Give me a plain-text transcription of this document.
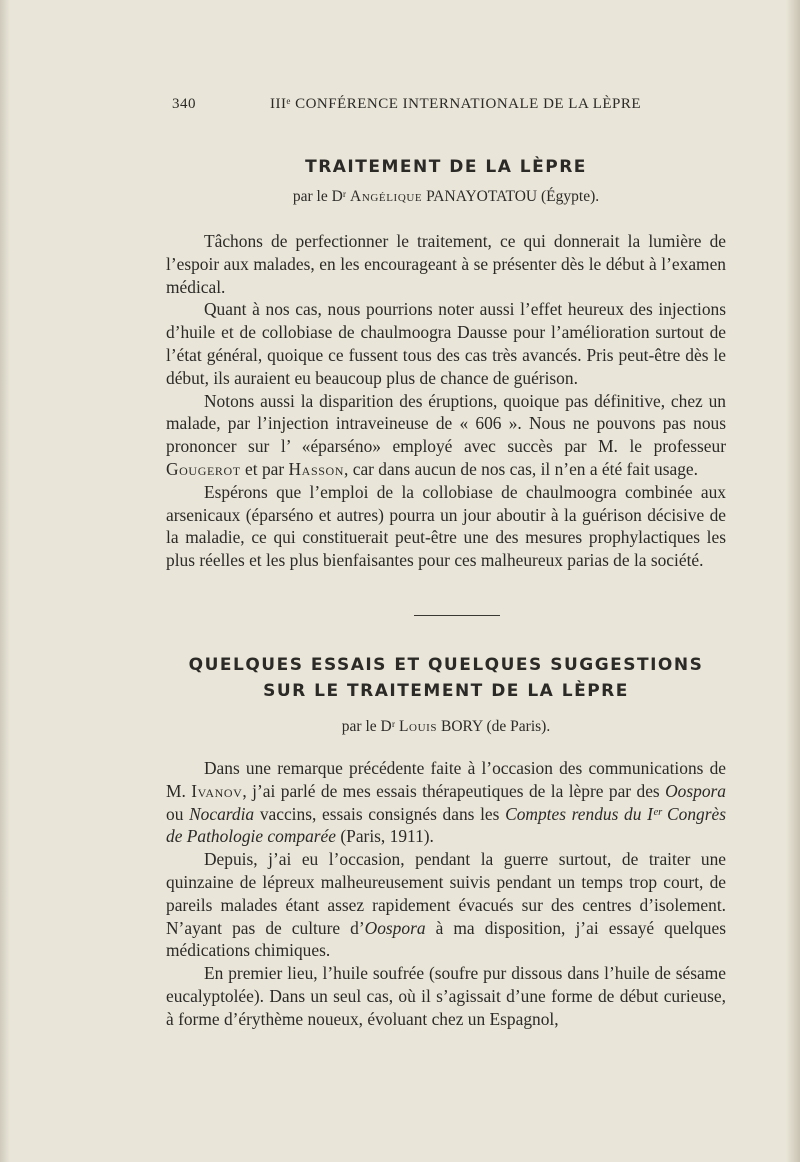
340	IIIᵉ CONFÉRENCE INTERNATIONALE DE LA LÈPRE
TRAITEMENT DE LA LÈPRE

par le Dʳ Angélique PANAYOTATOU (Égypte).

Tâchons de perfectionner le traitement, ce qui donnerait la lumière de l’espoir aux malades, en les encourageant à se présenter dès le début à l’examen médical.

Quant à nos cas, nous pourrions noter aussi l’effet heureux des injections d’huile et de collobiase de chaulmoogra Dausse pour l’amélioration surtout de l’état général, quoique ce fussent tous des cas très avancés. Pris peut-être dès le début, ils auraient eu beaucoup plus de chance de guérison.

Notons aussi la disparition des éruptions, quoique pas définitive, chez un malade, par l’injection intraveineuse de « 606 ». Nous ne pouvons pas nous prononcer sur l’ «éparséno» employé avec succès par M. le professeur Gougerot et par Hasson, car dans aucun de nos cas, il n’en a été fait usage.

Espérons que l’emploi de la collobiase de chaulmoogra combinée aux arsenicaux (éparséno et autres) pourra un jour aboutir à la guérison décisive de la maladie, ce qui constituerait peut-être une des mesures prophylactiques les plus réelles et les plus bienfaisantes pour ces malheureux parias de la société.

QUELQUES ESSAIS ET QUELQUES SUGGESTIONS
SUR LE TRAITEMENT DE LA LÈPRE

par le Dʳ Louis BORY (de Paris).

Dans une remarque précédente faite à l’occasion des communications de M. Ivanov, j’ai parlé de mes essais thérapeutiques de la lèpre par des Oospora ou Nocardia vaccins, essais consignés dans les Comptes rendus du Iᵉʳ Congrès de Pathologie comparée (Paris, 1911).

Depuis, j’ai eu l’occasion, pendant la guerre surtout, de traiter une quinzaine de lépreux malheureusement suivis pendant un temps trop court, de pareils malades étant assez rapidement évacués sur des centres d’isolement. N’ayant pas de culture d’Oospora à ma disposition, j’ai essayé quelques médications chimiques.

En premier lieu, l’huile soufrée (soufre pur dissous dans l’huile de sésame eucalyptolée). Dans un seul cas, où il s’agissait d’une forme de début curieuse, à forme d’érythème noueux, évoluant chez un Espagnol,
